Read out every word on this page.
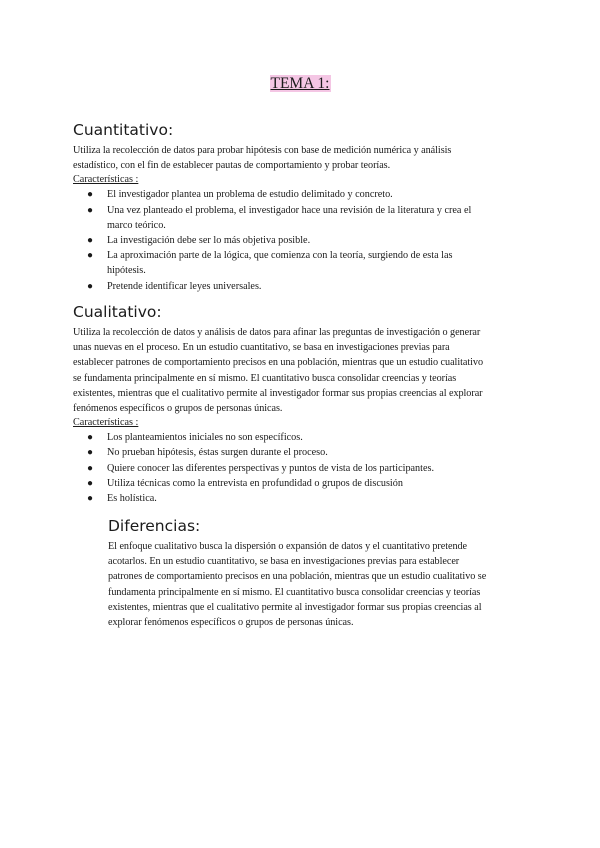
TEMA 1:
Cuantitativo:

Utiliza la recolección de datos para probar hipótesis con base de medición numérica y análisis
estadístico, con el fin de establecer pautas de comportamiento y probar teorías.

Características :

● El investigador plantea un problema de estudio delimitado y concreto.
● Una vez planteado el problema, el investigador hace una revisión de la literatura y crea el
marco teórico.
● La investigación debe ser lo más objetiva posible.
● La aproximación parte de la lógica, que comienza con la teoría, surgiendo de esta las
hipótesis.
● Pretende identificar leyes universales.
Cualitativo:

Utiliza la recolección de datos y análisis de datos para afinar las preguntas de investigación o generar
unas nuevas en el proceso. En un estudio cuantitativo, se basa en investigaciones previas para
establecer patrones de comportamiento precisos en una población, mientras que un estudio cualitativo
se fundamenta principalmente en sí mismo. El cuantitativo busca consolidar creencias y teorías
existentes, mientras que el cualitativo permite al investigador formar sus propias creencias al explorar
fenómenos específicos o grupos de personas únicas.

Características :

● Los planteamientos iniciales no son específicos.
● No prueban hipótesis, éstas surgen durante el proceso.
● Quiere conocer las diferentes perspectivas y puntos de vista de los participantes.
● Utiliza técnicas como la entrevista en profundidad o grupos de discusión
● Es holística.
Diferencias:

El enfoque cualitativo busca la dispersión o expansión de datos y el cuantitativo pretende
acotarlos. En un estudio cuantitativo, se basa en investigaciones previas para establecer
patrones de comportamiento precisos en una población, mientras que un estudio cualitativo se
fundamenta principalmente en sí mismo. El cuantitativo busca consolidar creencias y teorías
existentes, mientras que el cualitativo permite al investigador formar sus propias creencias al
explorar fenómenos específicos o grupos de personas únicas.
